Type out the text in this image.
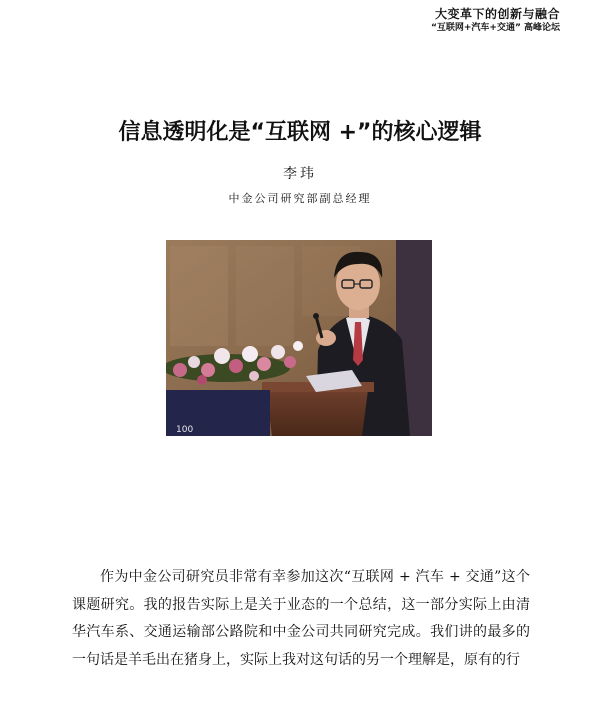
大变革下的创新与融合
“互联网+汽车+交通” 高峰论坛
信息透明化是“互联网 +”的核心逻辑
李玮
中金公司研究部副总经理
100

作为中金公司研究员非常有幸参加这次“互联网 + 汽车 + 交通”这个课题研究。我的报告实际上是关于业态的一个总结，这一部分实际上由清华汽车系、交通运输部公路院和中金公司共同研究完成。我们讲的最多的一句话是羊毛出在猪身上，实际上我对这句话的另一个理解是，原有的行
